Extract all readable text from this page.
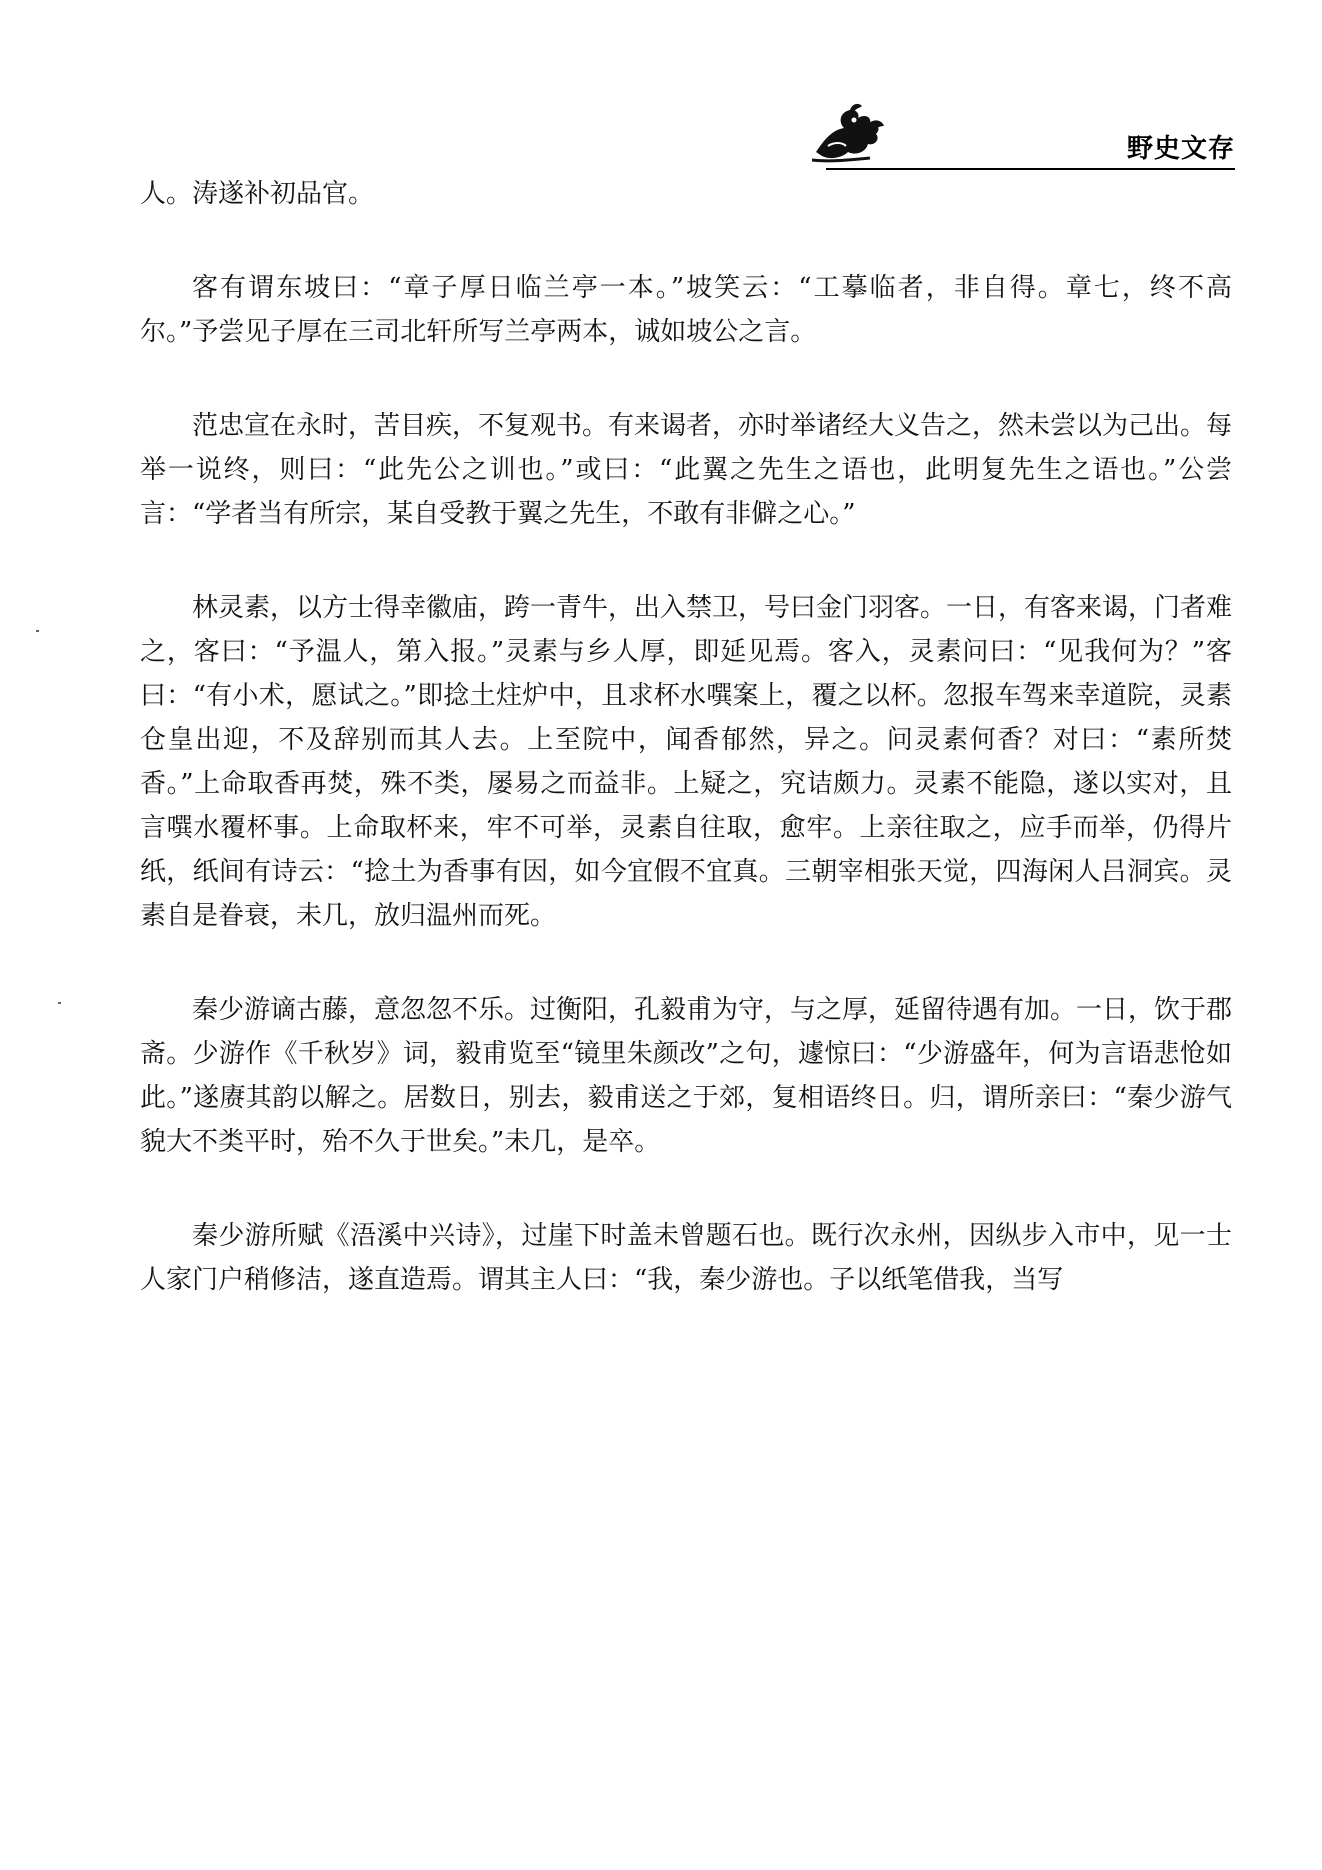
野史文存

人。涛遂补初品官。

客有谓东坡曰：“章子厚日临兰亭一本。”坡笑云：“工摹临者，非自得。章七，终不高尔。”予尝见子厚在三司北轩所写兰亭两本，诚如坡公之言。

范忠宣在永时，苦目疾，不复观书。有来谒者，亦时举诸经大义告之，然未尝以为己出。每举一说终，则曰：“此先公之训也。”或曰：“此翼之先生之语也，此明复先生之语也。”公尝言：“学者当有所宗，某自受教于翼之先生，不敢有非僻之心。”

林灵素，以方士得幸徽庙，跨一青牛，出入禁卫，号曰金门羽客。一日，有客来谒，门者难之，客曰：“予温人，第入报。”灵素与乡人厚，即延见焉。客入，灵素问曰：“见我何为？”客曰：“有小术，愿试之。”即捻土炷炉中，且求杯水噀案上，覆之以杯。忽报车驾来幸道院，灵素仓皇出迎，不及辞别而其人去。上至院中，闻香郁然，异之。问灵素何香？对曰：“素所焚香。”上命取香再焚，殊不类，屡易之而益非。上疑之，究诘颇力。灵素不能隐，遂以实对，且言噀水覆杯事。上命取杯来，牢不可举，灵素自往取，愈牢。上亲往取之，应手而举，仍得片纸，纸间有诗云：“捻土为香事有因，如今宜假不宜真。三朝宰相张天觉，四海闲人吕洞宾。灵素自是眷衰，未几，放归温州而死。

秦少游谪古藤，意忽忽不乐。过衡阳，孔毅甫为守，与之厚，延留待遇有加。一日，饮于郡斋。少游作《千秋岁》词，毅甫览至“镜里朱颜改”之句，遽惊曰：“少游盛年，何为言语悲怆如此。”遂赓其韵以解之。居数日，别去，毅甫送之于郊，复相语终日。归，谓所亲曰：“秦少游气貌大不类平时，殆不久于世矣。”未几，是卒。

秦少游所赋《浯溪中兴诗》，过崖下时盖未曾题石也。既行次永州，因纵步入市中，见一士人家门户稍修洁，遂直造焉。谓其主人曰：“我，秦少游也。子以纸笔借我，当写
